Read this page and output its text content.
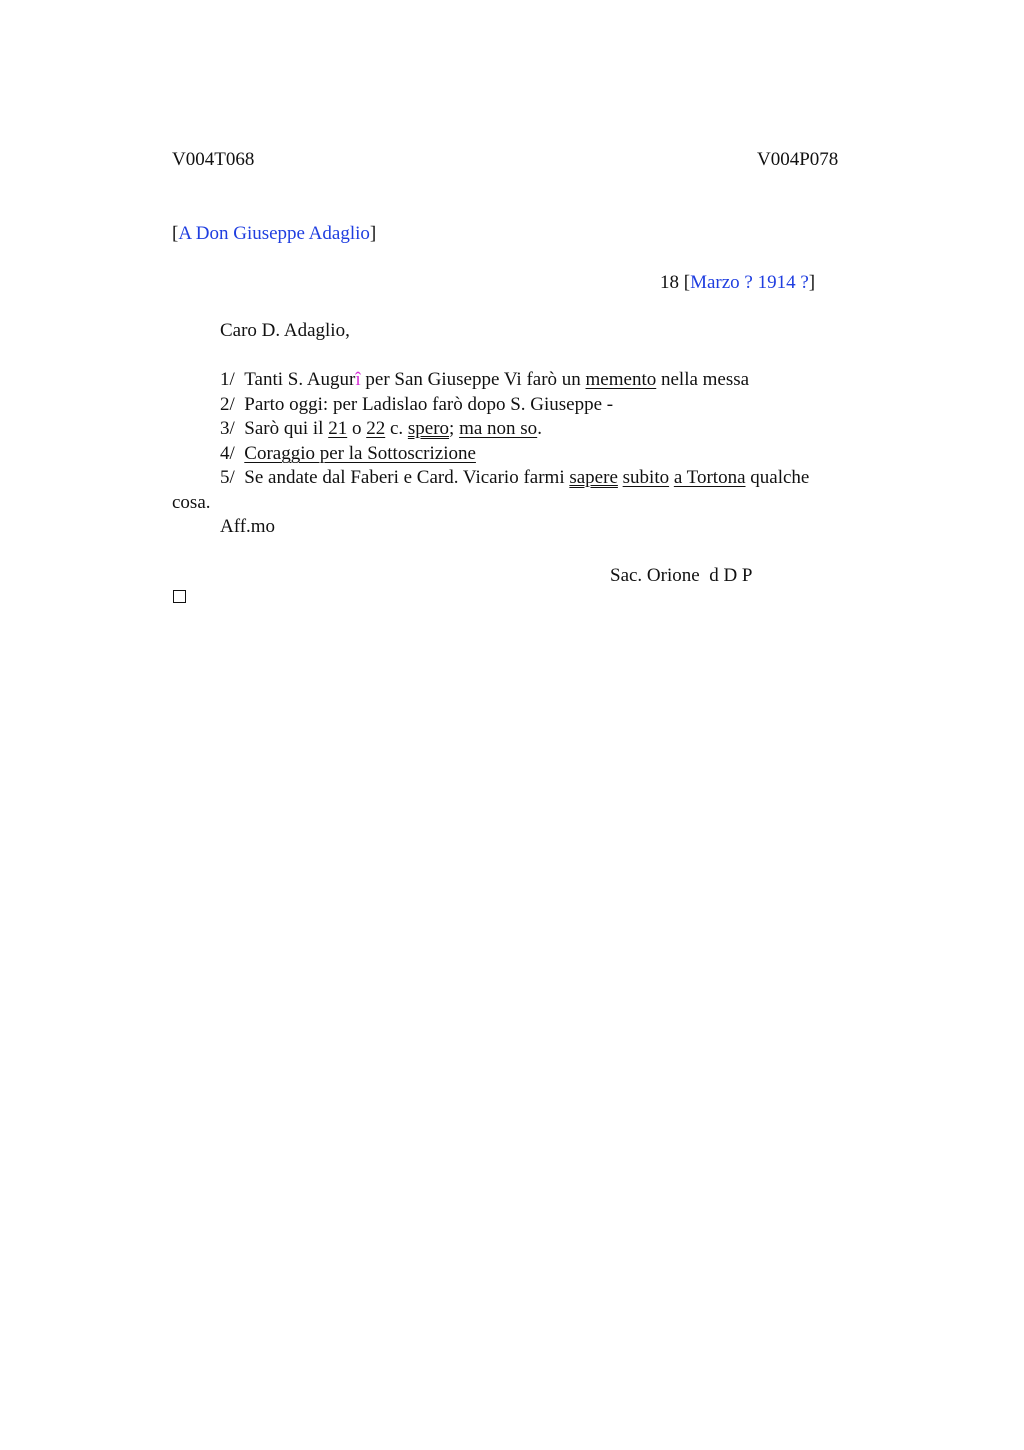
V004T068	V004P078
[A Don Giuseppe Adaglio]
18 [Marzo ? 1914 ?]
Caro D. Adaglio,
1/ Tanti S. Augurî per San Giuseppe Vi farò un memento nella messa
2/ Parto oggi: per Ladislao farò dopo S. Giuseppe -
3/ Sarò qui il 21 o 22 c. spero; ma non so.
4/ Coraggio per la Sottoscrizione
5/ Se andate dal Faberi e Card. Vicario farmi sapere subito a Tortona qualche
cosa.
Aff.mo
Sac. Orione  d D P
